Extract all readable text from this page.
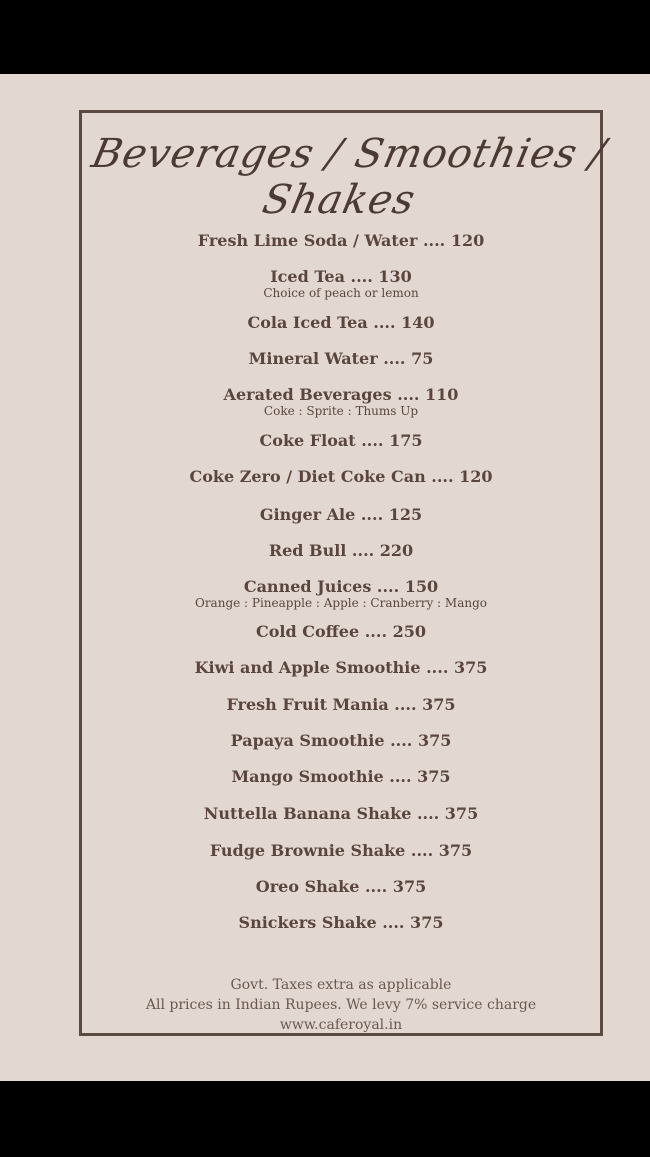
Beverages / Smoothies / Shakes
Fresh Lime Soda / Water .... 120
Iced Tea .... 130
Choice of peach or lemon
Cola Iced Tea .... 140
Mineral Water .... 75
Aerated Beverages .... 110
Coke : Sprite : Thums Up
Coke Float .... 175
Coke Zero / Diet Coke Can .... 120
Ginger Ale .... 125
Red Bull .... 220
Canned Juices .... 150
Orange : Pineapple : Apple : Cranberry : Mango
Cold Coffee .... 250
Kiwi and Apple Smoothie .... 375
Fresh Fruit Mania .... 375
Papaya Smoothie .... 375
Mango Smoothie .... 375
Nuttella Banana Shake .... 375
Fudge Brownie Shake .... 375
Oreo Shake .... 375
Snickers Shake .... 375
Govt. Taxes extra as applicable
All prices in Indian Rupees. We levy 7% service charge
www.caferoyal.in
